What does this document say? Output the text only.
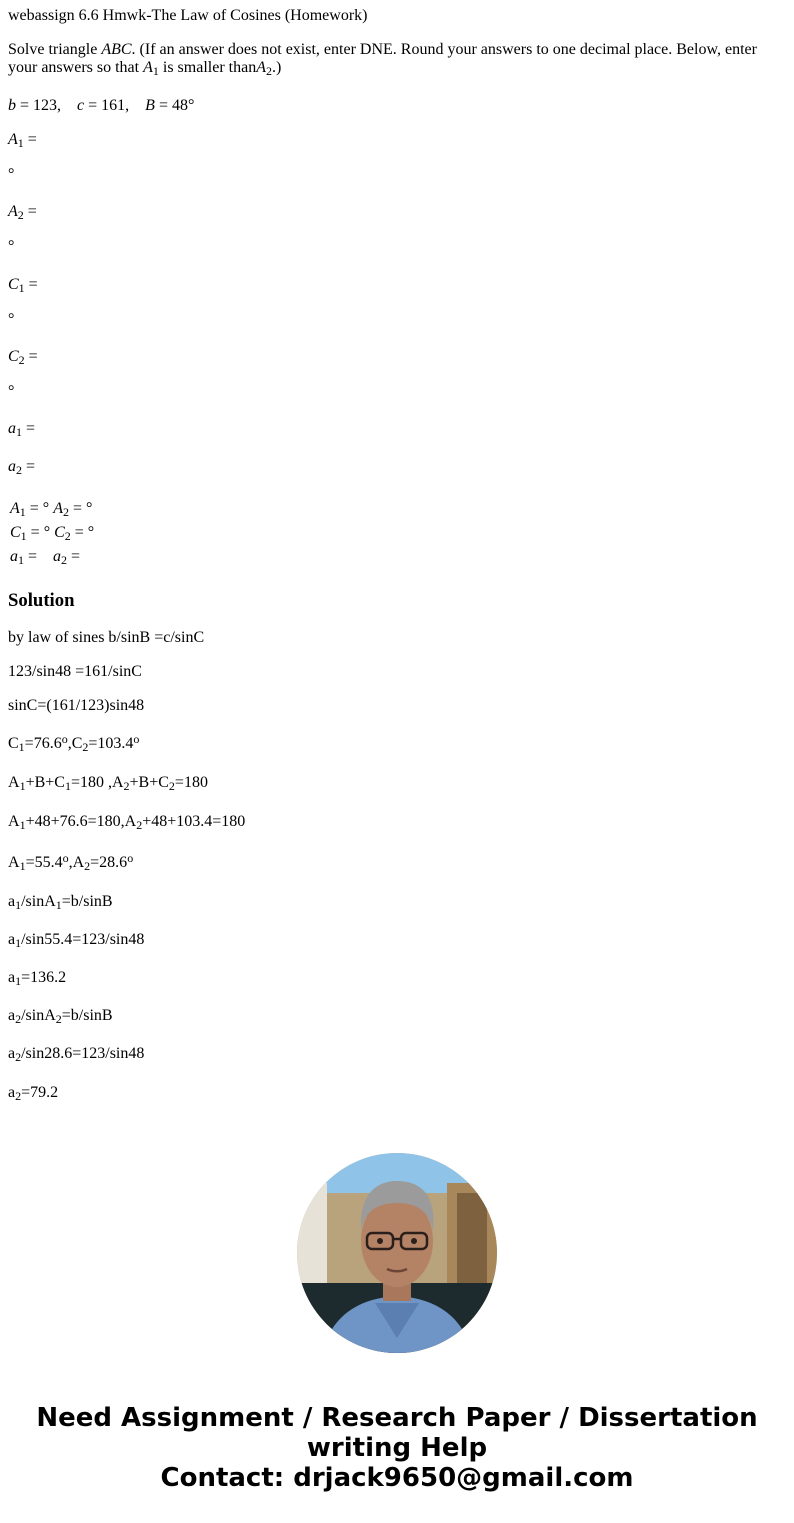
webassign 6.6 Hmwk-The Law of Cosines (Homework)

Solve triangle ABC. (If an answer does not exist, enter DNE. Round your answers to one decimal place. Below, enter your answers so that $A_1$ is smaller thanA$_2$.)

b = 123,    c = 161,    B = 48°

$A_1$ =

°

$A_2$ =

°

$C_1$ =

°

$C_2$ =

°

$a_1$ =

$a_2$ =

$A_1$ = ° $A_2$ = °
$C_1$ = ° $C_2$ = °
$a_1$ =    $a_2$ =
Solution

by law of sines b/sinB =c/sinC

123/sin48 =161/sinC

sinC=(161/123)sin48

$C_1=76.6^o,C_2=103.4^o$

$A_1+B+C_1=180$ $,A_2+B+C_2=180$

$A_1+48+76.6=180,A_2+48+103.4=180$

$A_1=55.4^o,A_2=28.6^o$

$a_1/\sin A_1=b$/sinB

$a_1/\sin 55.4=123/\sin 48$

$a_1=136.2$

$a_2/\sin A_2=b$/sinB

$a_2/\sin 28.6=123/\sin 48$

$a_2=79.2$

Need Assignment / Research Paper / Dissertation
writing Help
Contact: drjack9650@gmail.com
